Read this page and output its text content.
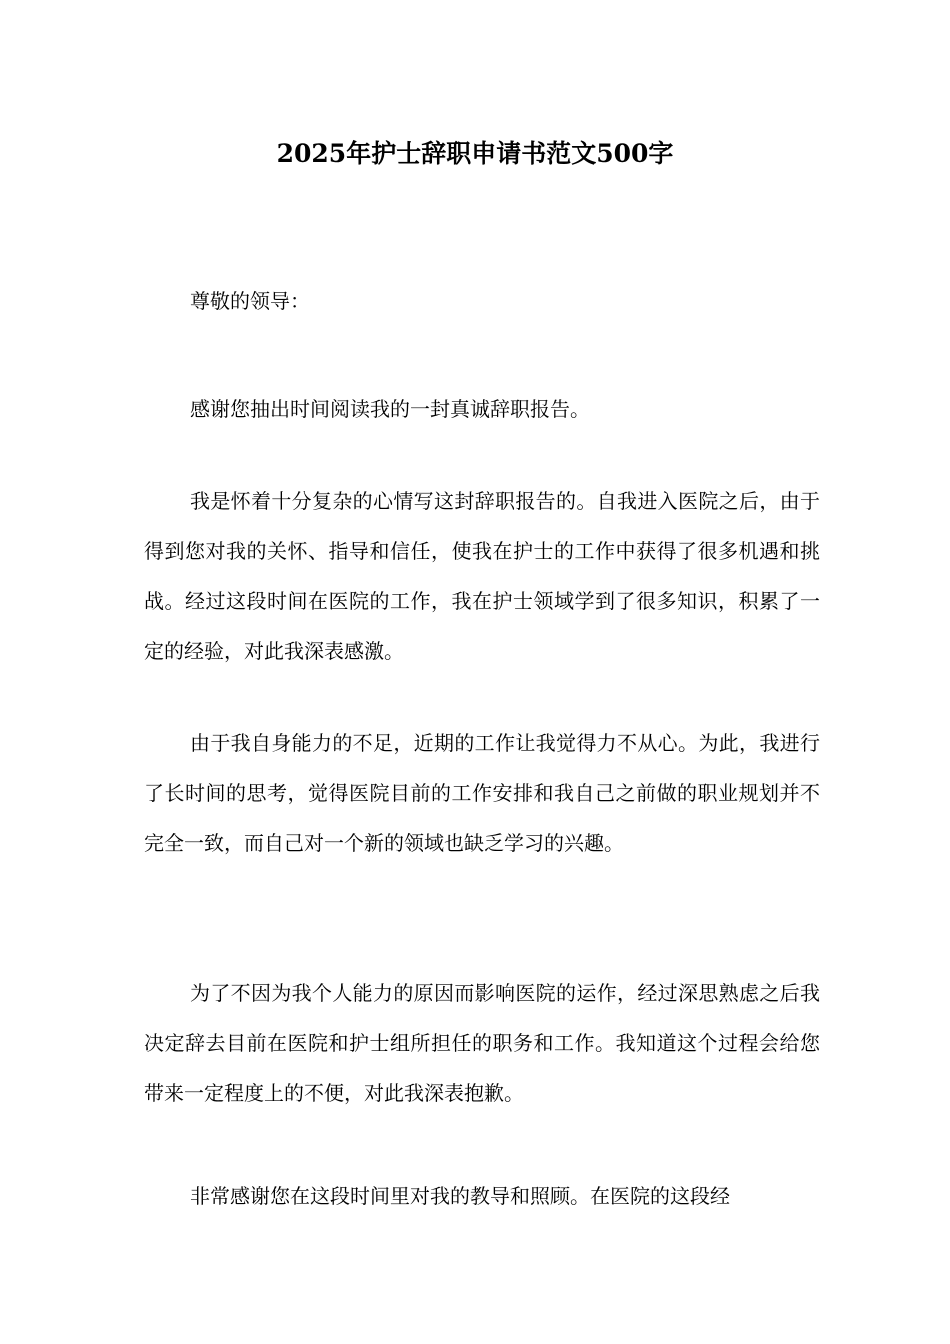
2025年护士辞职申请书范文500字
尊敬的领导：

感谢您抽出时间阅读我的一封真诚辞职报告。

我是怀着十分复杂的心情写这封辞职报告的。自我进入医院之后，由于得到您对我的关怀、指导和信任，使我在护士的工作中获得了很多机遇和挑战。经过这段时间在医院的工作，我在护士领域学到了很多知识，积累了一定的经验，对此我深表感激。

由于我自身能力的不足，近期的工作让我觉得力不从心。为此，我进行了长时间的思考，觉得医院目前的工作安排和我自己之前做的职业规划并不完全一致，而自己对一个新的领域也缺乏学习的兴趣。

为了不因为我个人能力的原因而影响医院的运作，经过深思熟虑之后我决定辞去目前在医院和护士组所担任的职务和工作。我知道这个过程会给您带来一定程度上的不便，对此我深表抱歉。

非常感谢您在这段时间里对我的教导和照顾。在医院的这段经
